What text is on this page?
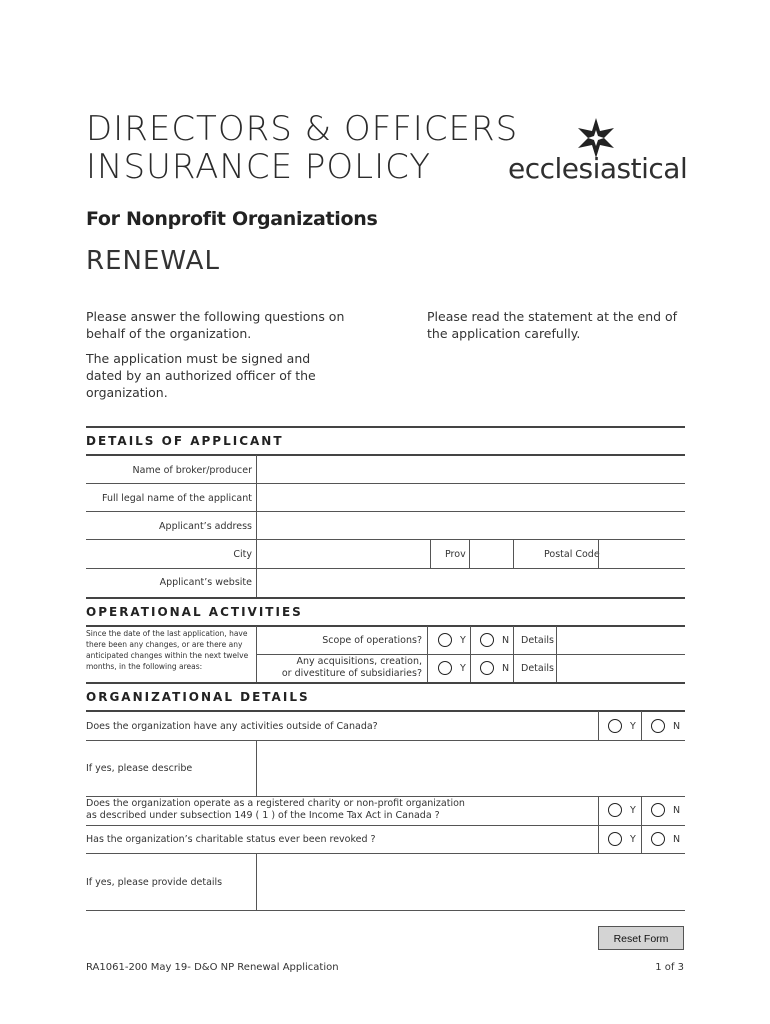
DIRECTORS & OFFICERS
INSURANCE POLICY	ecclesiastical
For Nonprofit Organizations
RENEWAL
Please answer the following questions on behalf of the organization.
The application must be signed and dated by an authorized officer of the organization.
Please read the statement at the end of the application carefully.
DETAILS OF APPLICANT
Name of broker/producer
Full legal name of the applicant
Applicant’s address
City	Prov	Postal Code
Applicant’s website
OPERATIONAL ACTIVITIES
Since the date of the last application, have
there been any changes, or are there any
anticipated changes within the next twelve
months, in the following areas:
Scope of operations?	Y	N Details
Any acquisitions, creation,
or divestiture of subsidiaries?	Y	N Details
ORGANIZATIONAL DETAILS
Does the organization have any activities outside of Canada?	Y	N
If yes, please describe
Does the organization operate as a registered charity or non-profit organization
as described under subsection 149 ( 1 ) of the Income Tax Act in Canada ?	Y	N
Has the organization’s charitable status ever been revoked ?	Y	N
If yes, please provide details
Reset Form
RA1061-200 May 19- D&O NP Renewal Application	1 of 3
